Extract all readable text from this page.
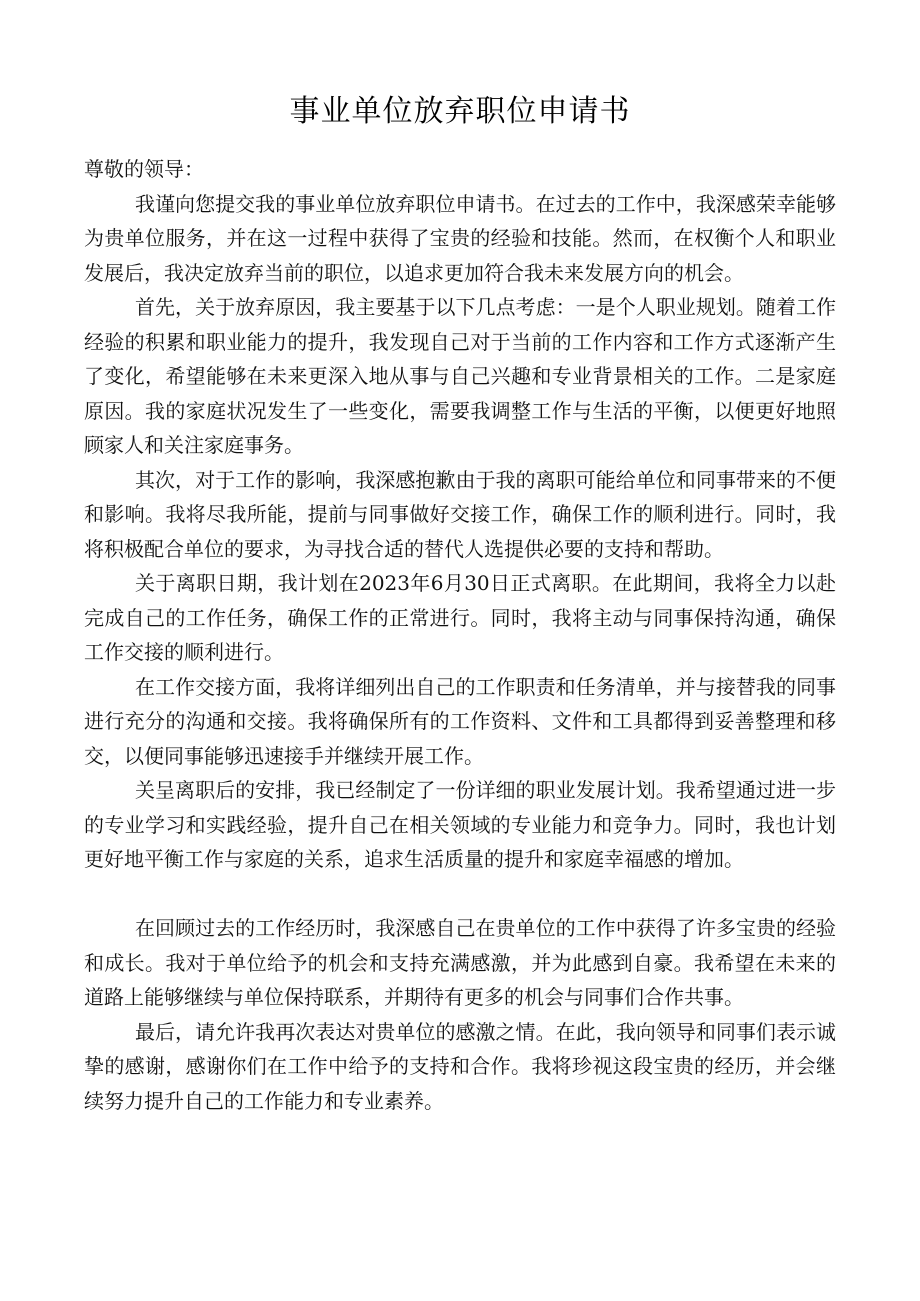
事业单位放弃职位申请书

尊敬的领导：

我谨向您提交我的事业单位放弃职位申请书。在过去的工作中，我深感荣幸能够为贵单位服务，并在这一过程中获得了宝贵的经验和技能。然而，在权衡个人和职业发展后，我决定放弃当前的职位，以追求更加符合我未来发展方向的机会。

首先，关于放弃原因，我主要基于以下几点考虑：一是个人职业规划。随着工作经验的积累和职业能力的提升，我发现自己对于当前的工作内容和工作方式逐渐产生了变化，希望能够在未来更深入地从事与自己兴趣和专业背景相关的工作。二是家庭原因。我的家庭状况发生了一些变化，需要我调整工作与生活的平衡，以便更好地照顾家人和关注家庭事务。

其次，对于工作的影响，我深感抱歉由于我的离职可能给单位和同事带来的不便和影响。我将尽我所能，提前与同事做好交接工作，确保工作的顺利进行。同时，我将积极配合单位的要求，为寻找合适的替代人选提供必要的支持和帮助。

关于离职日期，我计划在2023年6月30日正式离职。在此期间，我将全力以赴完成自己的工作任务，确保工作的正常进行。同时，我将主动与同事保持沟通，确保工作交接的顺利进行。

在工作交接方面，我将详细列出自己的工作职责和任务清单，并与接替我的同事进行充分的沟通和交接。我将确保所有的工作资料、文件和工具都得到妥善整理和移交，以便同事能够迅速接手并继续开展工作。

关呈离职后的安排，我已经制定了一份详细的职业发展计划。我希望通过进一步的专业学习和实践经验，提升自己在相关领域的专业能力和竞争力。同时，我也计划更好地平衡工作与家庭的关系，追求生活质量的提升和家庭幸福感的增加。

在回顾过去的工作经历时，我深感自己在贵单位的工作中获得了许多宝贵的经验和成长。我对于单位给予的机会和支持充满感激，并为此感到自豪。我希望在未来的道路上能够继续与单位保持联系，并期待有更多的机会与同事们合作共事。

最后，请允许我再次表达对贵单位的感激之情。在此，我向领导和同事们表示诚挚的感谢，感谢你们在工作中给予的支持和合作。我将珍视这段宝贵的经历，并会继续努力提升自己的工作能力和专业素养。
